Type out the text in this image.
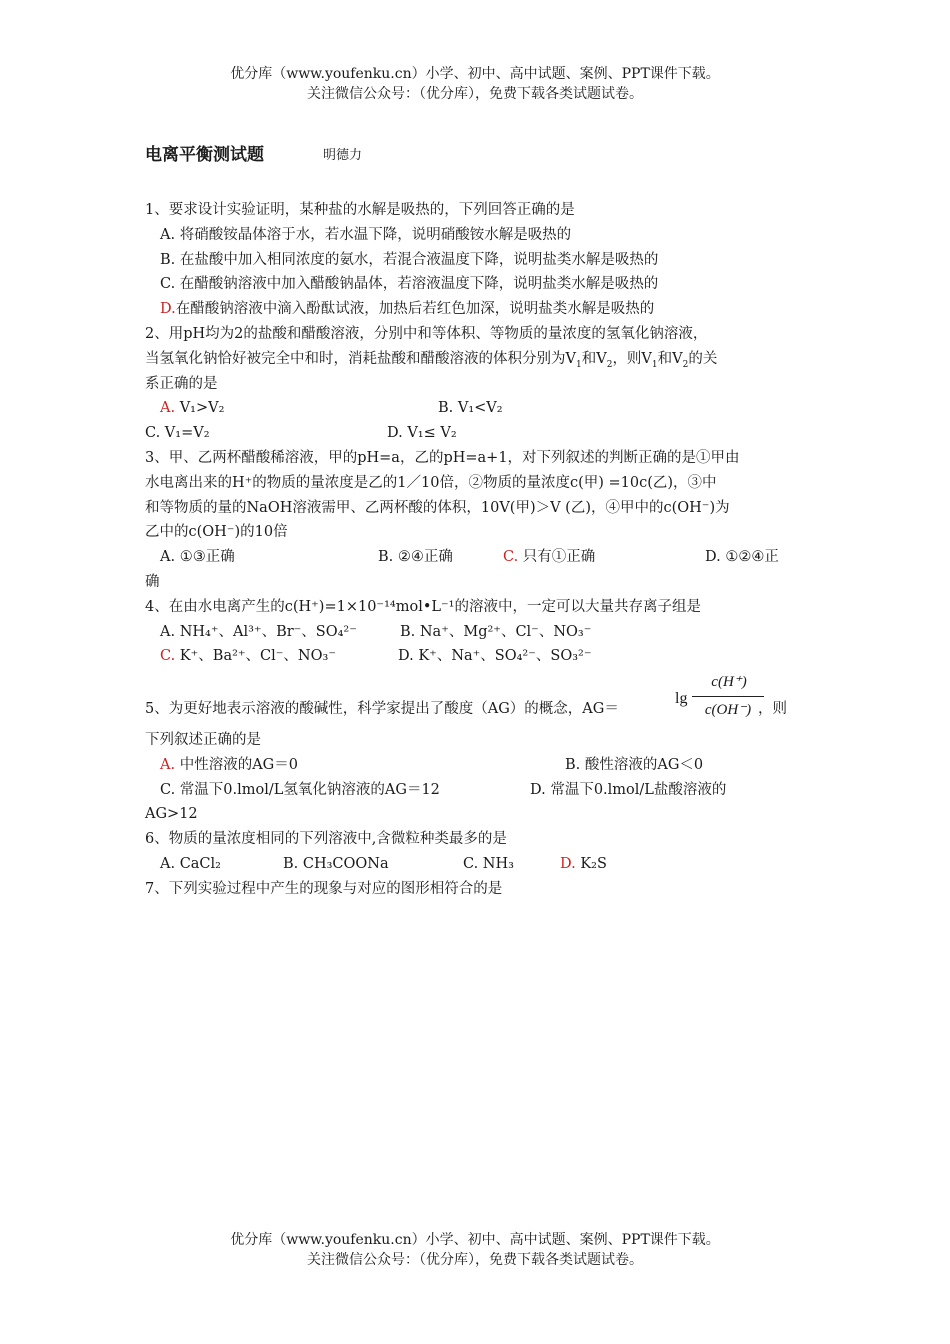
优分库（www.youfenku.cn）小学、初中、高中试题、案例、PPT课件下载。
关注微信公众号：（优分库），免费下载各类试题试卷。
电离平衡测试题	明德力
1、要求设计实验证明，某种盐的水解是吸热的，下列回答正确的是
A. 将硝酸铵晶体溶于水，若水温下降，说明硝酸铵水解是吸热的
B. 在盐酸中加入相同浓度的氨水，若混合液温度下降，说明盐类水解是吸热的
C. 在醋酸钠溶液中加入醋酸钠晶体，若溶液温度下降，说明盐类水解是吸热的
D.在醋酸钠溶液中滴入酚酞试液，加热后若红色加深，说明盐类水解是吸热的
2、用pH均为2的盐酸和醋酸溶液，分别中和等体积、等物质的量浓度的氢氧化钠溶液，
当氢氧化钠恰好被完全中和时，消耗盐酸和醋酸溶液的体积分别为$V_1$和$V_2$，则$V_1$和$V_2$的关
系正确的是
A. V₁>V₂	B. V₁<V₂
C. V₁=V₂	D. V₁≤ V₂
3、甲、乙两杯醋酸稀溶液，甲的pH=a，乙的pH=a+1，对下列叙述的判断正确的是①甲由
水电离出来的H⁺的物质的量浓度是乙的1／10倍，②物质的量浓度c(甲) =10c(乙)，③中
和等物质的量的NaOH溶液需甲、乙两杯酸的体积，10V(甲)＞V (乙)，④甲中的c(OH⁻)为
乙中的c(OH⁻)的10倍
A. ①③正确	B. ②④正确	C. 只有①正确	D. ①②④正
确
4、在由水电离产生的c(H⁺)=1×10⁻¹⁴mol•L⁻¹的溶液中，一定可以大量共存离子组是
A. NH₄⁺、Al³⁺、Br⁻、SO₄²⁻	B. Na⁺、Mg²⁺、Cl⁻、NO₃⁻
C. K⁺、Ba²⁺、Cl⁻、NO₃⁻	D. K⁺、Na⁺、SO₄²⁻、SO₃²⁻
5、为更好地表示溶液的酸碱性，科学家提出了酸度（AG）的概念，AG＝	，则
下列叙述正确的是
A. 中性溶液的AG＝0	B. 酸性溶液的AG＜0
C. 常温下0.lmol/L氢氧化钠溶液的AG＝12	D. 常温下0.lmol/L盐酸溶液的
AG>12
6、物质的量浓度相同的下列溶液中,含微粒种类最多的是
A. CaCl₂	B. CH₃COONa	C. NH₃	D. K₂S
7、下列实验过程中产生的现象与对应的图形相符合的是
lg
c(H⁺)
c(OH⁻)
优分库（www.youfenku.cn）小学、初中、高中试题、案例、PPT课件下载。
关注微信公众号：（优分库），免费下载各类试题试卷。
